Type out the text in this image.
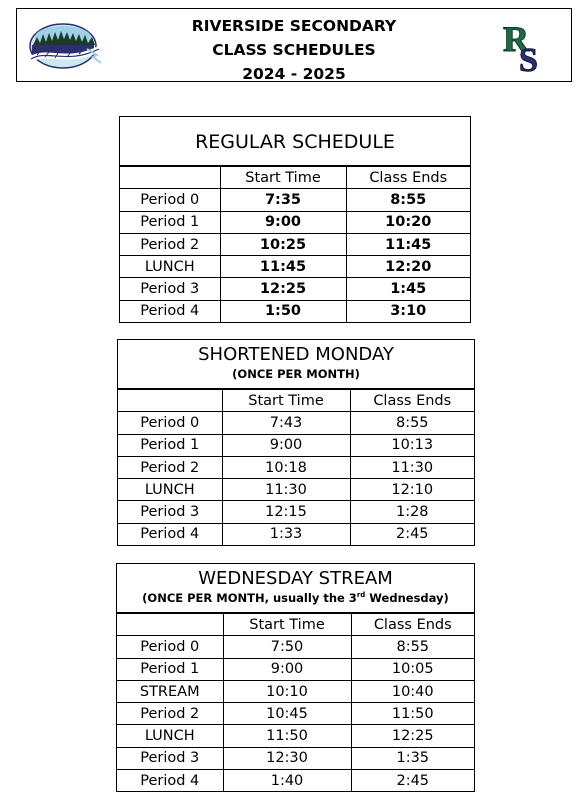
RIVERSIDE SECONDARY
CLASS SCHEDULES
2024 - 2025
R
S
REGULAR SCHEDULE
	Start Time	Class Ends
Period 0	7:35	8:55
Period 1	9:00	10:20
Period 2	10:25	11:45
LUNCH	11:45	12:20
Period 3	12:25	1:45
Period 4	1:50	3:10
SHORTENED MONDAY
(ONCE PER MONTH)
	Start Time	Class Ends
Period 0	7:43	8:55
Period 1	9:00	10:13
Period 2	10:18	11:30
LUNCH	11:30	12:10
Period 3	12:15	1:28
Period 4	1:33	2:45
WEDNESDAY STREAM
(ONCE PER MONTH, usually the 3rd Wednesday)
	Start Time	Class Ends
Period 0	7:50	8:55
Period 1	9:00	10:05
STREAM	10:10	10:40
Period 2	10:45	11:50
LUNCH	11:50	12:25
Period 3	12:30	1:35
Period 4	1:40	2:45
